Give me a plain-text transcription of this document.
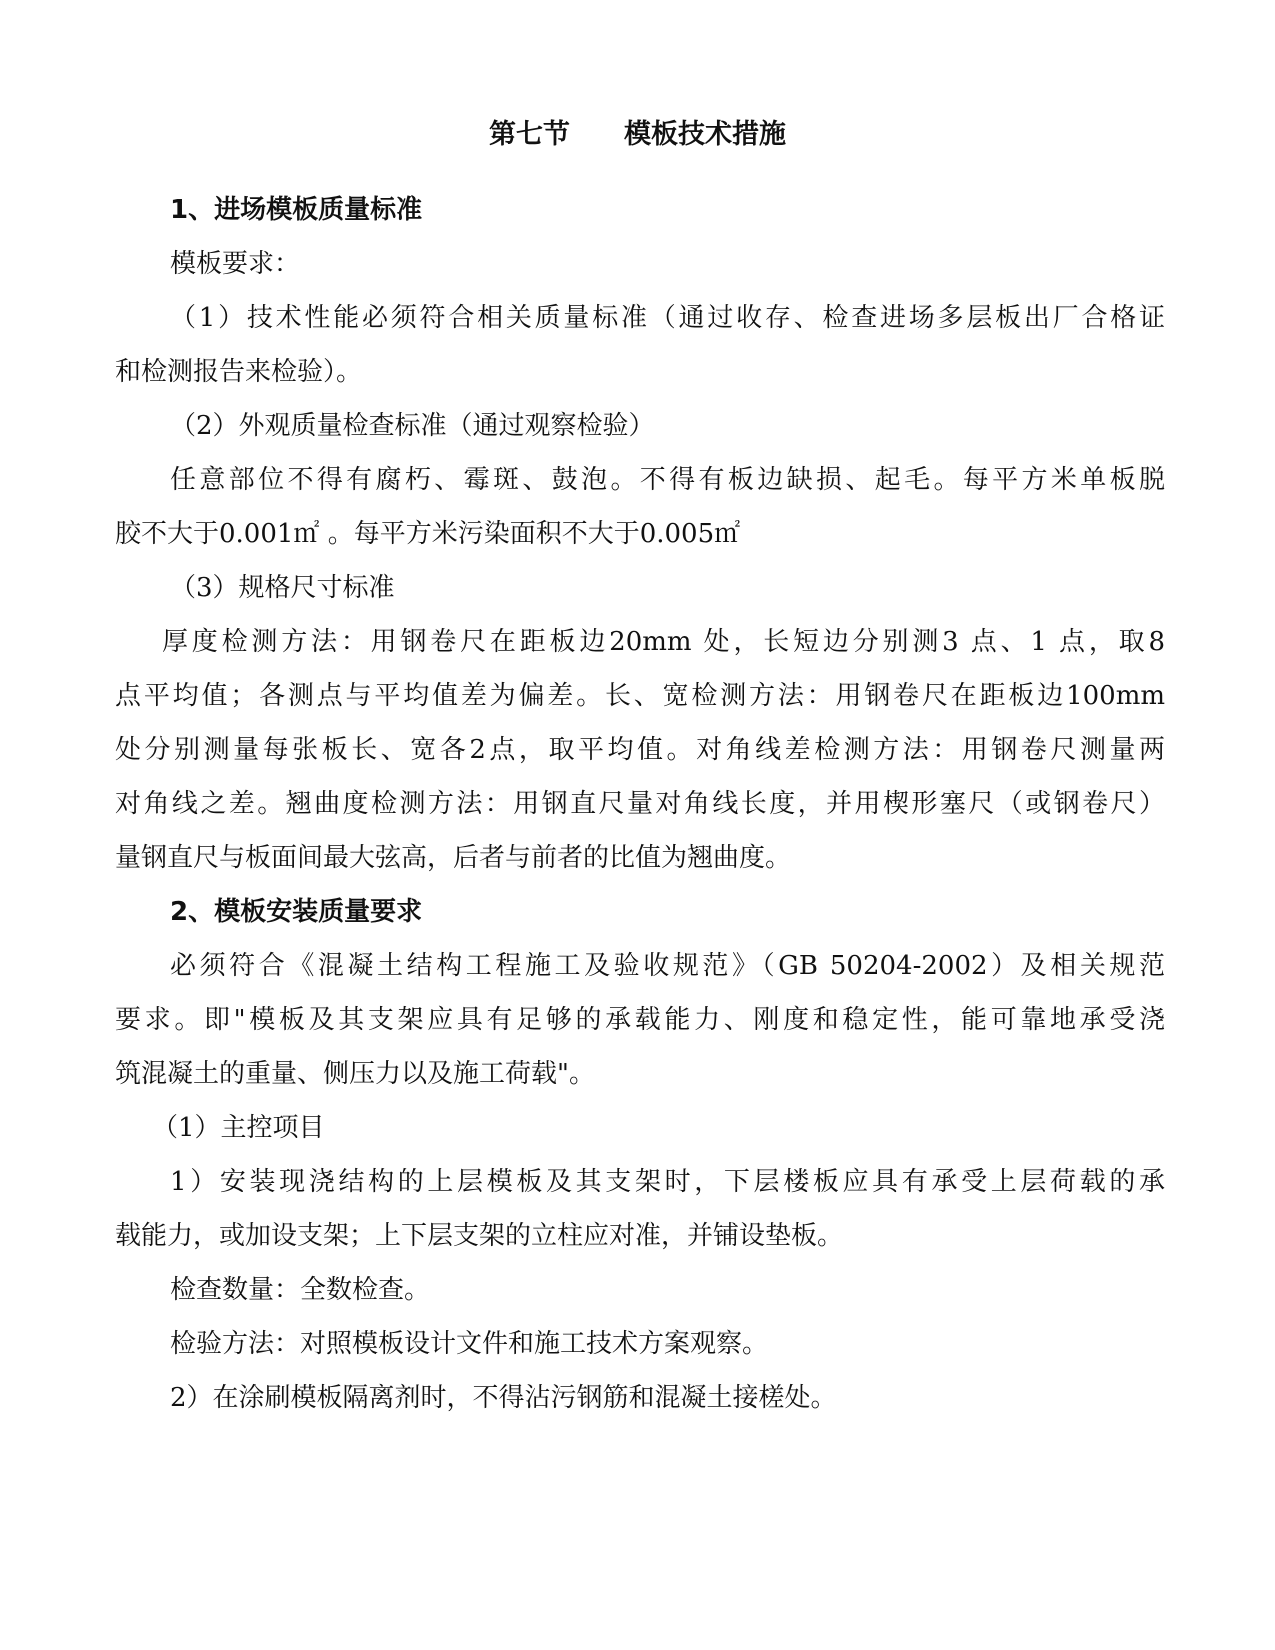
第七节　　模板技术措施
1、进场模板质量标准
模板要求：
（1）技术性能必须符合相关质量标准（通过收存、检查进场多层板出厂合格证
和检测报告来检验）。
（2）外观质量检查标准（通过观察检验）
任意部位不得有腐朽、霉斑、鼓泡。不得有板边缺损、起毛。每平方米单板脱
胶不大于0.001㎡ 。每平方米污染面积不大于0.005㎡
（3）规格尺寸标准
厚度检测方法：用钢卷尺在距板边20mm 处，长短边分别测3 点、1 点，取8
点平均值；各测点与平均值差为偏差。长、宽检测方法：用钢卷尺在距板边100mm
处分别测量每张板长、宽各2点，取平均值。对角线差检测方法：用钢卷尺测量两
对角线之差。翘曲度检测方法：用钢直尺量对角线长度，并用楔形塞尺（或钢卷尺）
量钢直尺与板面间最大弦高，后者与前者的比值为翘曲度。
2、模板安装质量要求
必须符合《混凝土结构工程施工及验收规范》（GB 50204-2002）及相关规范
要求。即"模板及其支架应具有足够的承载能力、刚度和稳定性，能可靠地承受浇
筑混凝土的重量、侧压力以及施工荷载"。
（1）主控项目
1）安装现浇结构的上层模板及其支架时，下层楼板应具有承受上层荷载的承
载能力，或加设支架；上下层支架的立柱应对准，并铺设垫板。
检查数量：全数检查。
检验方法：对照模板设计文件和施工技术方案观察。
2）在涂刷模板隔离剂时，不得沾污钢筋和混凝土接槎处。
